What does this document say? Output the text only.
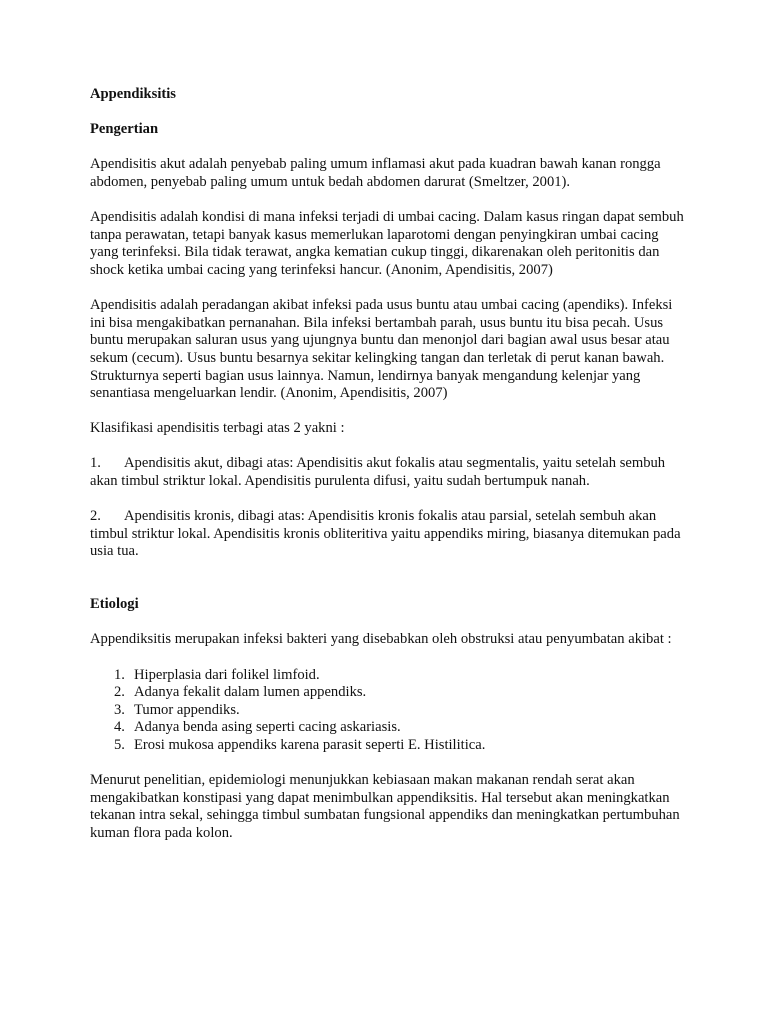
Appendiksitis

Pengertian

Apendisitis akut adalah penyebab paling umum inflamasi akut pada kuadran bawah kanan rongga abdomen, penyebab paling umum untuk bedah abdomen darurat (Smeltzer, 2001).

Apendisitis adalah kondisi di mana infeksi terjadi di umbai cacing. Dalam kasus ringan dapat sembuh tanpa perawatan, tetapi banyak kasus memerlukan laparotomi dengan penyingkiran umbai cacing yang terinfeksi. Bila tidak terawat, angka kematian cukup tinggi, dikarenakan oleh peritonitis dan shock ketika umbai cacing yang terinfeksi hancur. (Anonim, Apendisitis, 2007)

Apendisitis adalah peradangan akibat infeksi pada usus buntu atau umbai cacing (apendiks). Infeksi ini bisa mengakibatkan pernanahan. Bila infeksi bertambah parah, usus buntu itu bisa pecah. Usus buntu merupakan saluran usus yang ujungnya buntu dan menonjol dari bagian awal usus besar atau sekum (cecum). Usus buntu besarnya sekitar kelingking tangan dan terletak di perut kanan bawah. Strukturnya seperti bagian usus lainnya. Namun, lendirnya banyak mengandung kelenjar yang senantiasa mengeluarkan lendir. (Anonim, Apendisitis, 2007)

Klasifikasi apendisitis terbagi atas 2 yakni :

1. Apendisitis akut, dibagi atas: Apendisitis akut fokalis atau segmentalis, yaitu setelah sembuh akan timbul striktur lokal. Apendisitis purulenta difusi, yaitu sudah bertumpuk nanah.

2. Apendisitis kronis, dibagi atas: Apendisitis kronis fokalis atau parsial, setelah sembuh akan timbul striktur lokal. Apendisitis kronis obliteritiva yaitu appendiks miring, biasanya ditemukan pada usia tua.

Etiologi

Appendiksitis merupakan infeksi bakteri yang disebabkan oleh obstruksi atau penyumbatan akibat :

1. Hiperplasia dari folikel limfoid.
2. Adanya fekalit dalam lumen appendiks.
3. Tumor appendiks.
4. Adanya benda asing seperti cacing askariasis.
5. Erosi mukosa appendiks karena parasit seperti E. Histilitica.

Menurut penelitian, epidemiologi menunjukkan kebiasaan makan makanan rendah serat akan mengakibatkan konstipasi yang dapat menimbulkan appendiksitis. Hal tersebut akan meningkatkan tekanan intra sekal, sehingga timbul sumbatan fungsional appendiks dan meningkatkan pertumbuhan kuman flora pada kolon.
